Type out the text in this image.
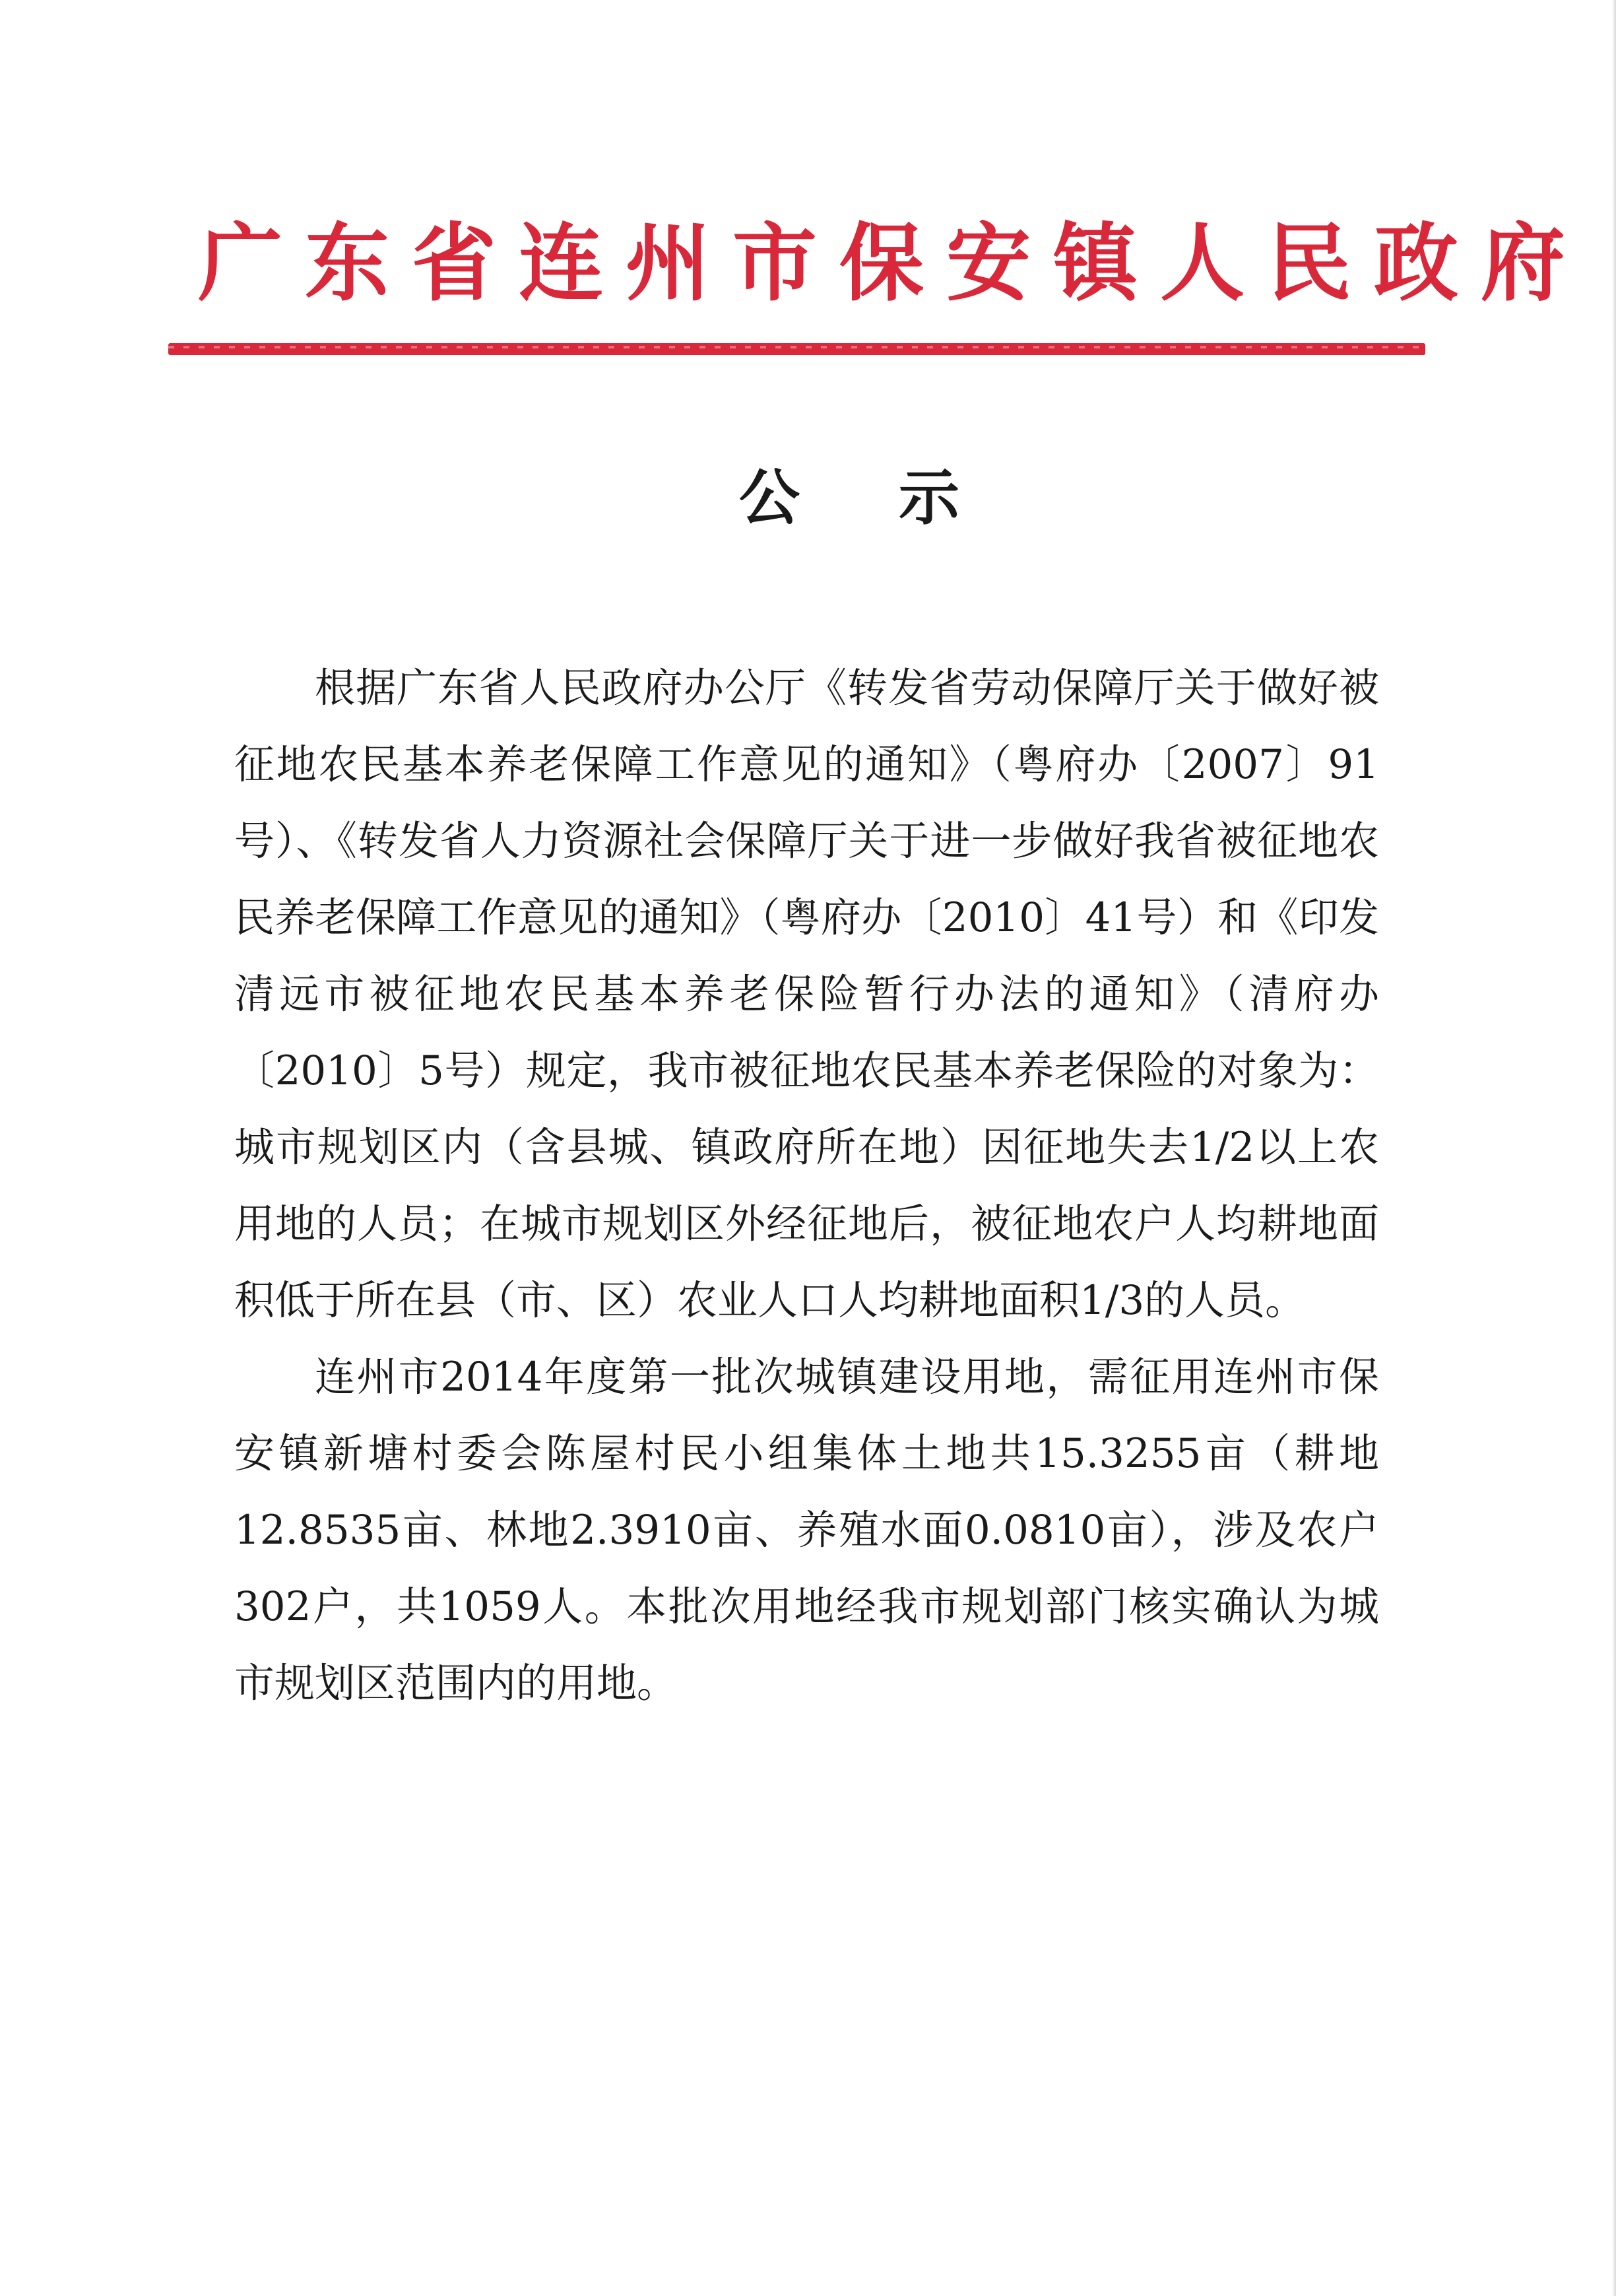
广东省连州市保安镇人民政府
公示

根据广东省人民政府办公厅《转发省劳动保障厅关于做好被征地农民基本养老保障工作意见的通知》（粤府办〔2007〕91号）、《转发省人力资源社会保障厅关于进一步做好我省被征地农民养老保障工作意见的通知》（粤府办〔2010〕41号）和《印发清远市被征地农民基本养老保险暂行办法的通知》（清府办〔2010〕5号）规定，我市被征地农民基本养老保险的对象为：城市规划区内（含县城、镇政府所在地）因征地失去1/2以上农用地的人员；在城市规划区外经征地后，被征地农户人均耕地面积低于所在县（市、区）农业人口人均耕地面积1/3的人员。

连州市2014年度第一批次城镇建设用地，需征用连州市保安镇新塘村委会陈屋村民小组集体土地共15.3255亩（耕地12.8535亩、林地2.3910亩、养殖水面0.0810亩），涉及农户302户，共1059人。本批次用地经我市规划部门核实确认为城市规划区范围内的用地。
